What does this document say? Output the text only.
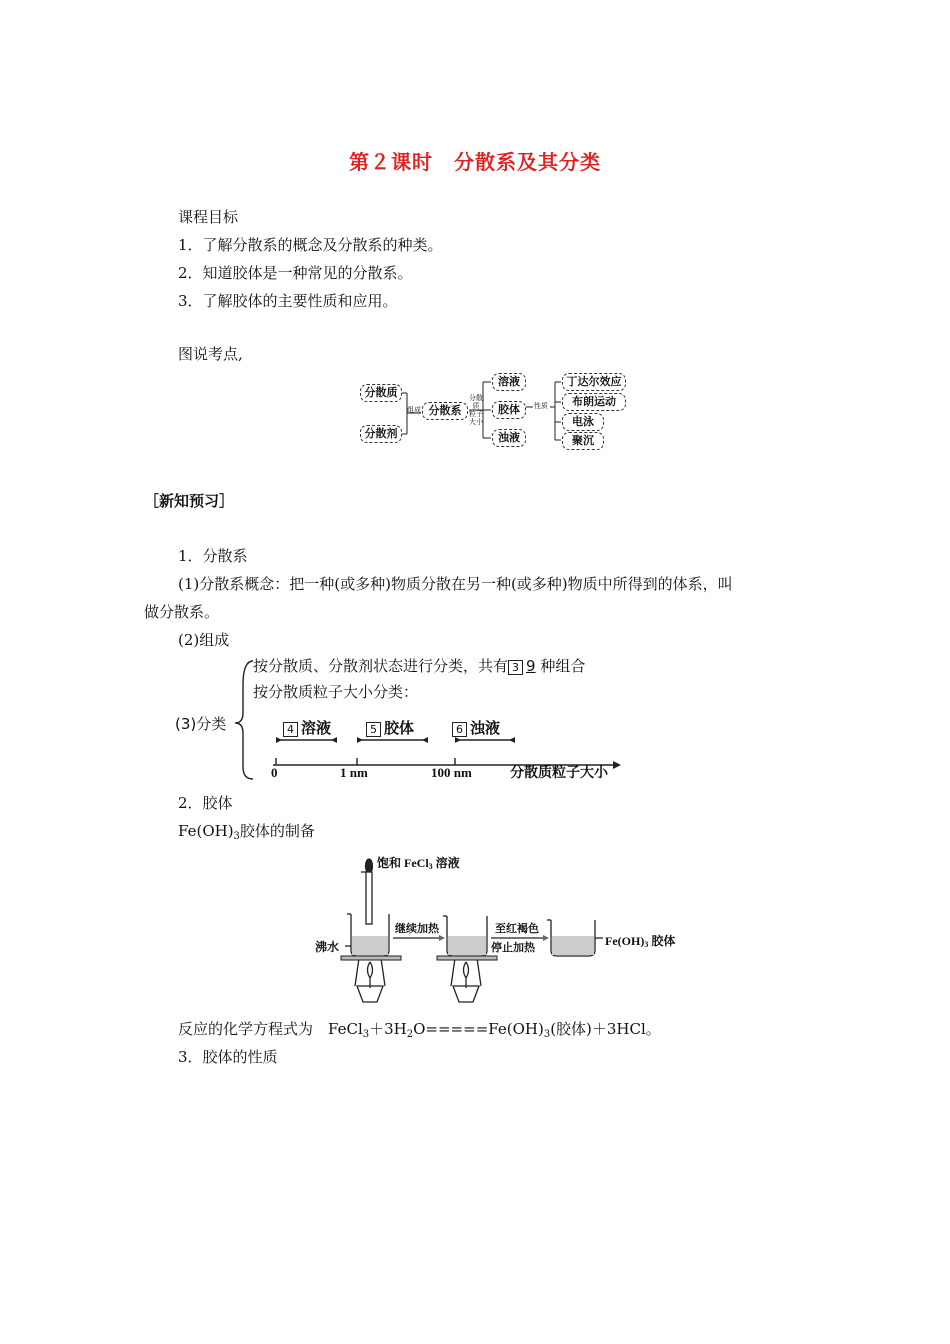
第２课时　分散系及其分类
课程目标
1．了解分散系的概念及分散系的种类。
2．知道胶体是一种常见的分散系。
3．了解胶体的主要性质和应用。
图说考点,
分散质
分散剂
组成 分散系
分散质
粒子
大小
溶液
胶体
浊液
性质
丁达尔效应
布朗运动
电泳
聚沉
［新知预习］
1．分散系
(1)分散系概念：把一种(或多种)物质分散在另一种(或多种)物质中所得到的体系，叫
做分散系。
(2)组成
(3)分类
按分散质、分散剂状态进行分类，共有 3 9 种组合
按分散质粒子大小分类：
4 溶液	5 胶体	6 浊液
0	1 nm	100 nm	分散质粒子大小
2．胶体
$Fe(OH)_3$胶体的制备
饱和 FeCl3 溶液
沸水
继续加热	至红褐色
停止加热	Fe(OH)3 胶体
反应的化学方程式为　$FeCl_3+3H_2O=====Fe(OH)_3$(胶体)＋3HCl。
3．胶体的性质
